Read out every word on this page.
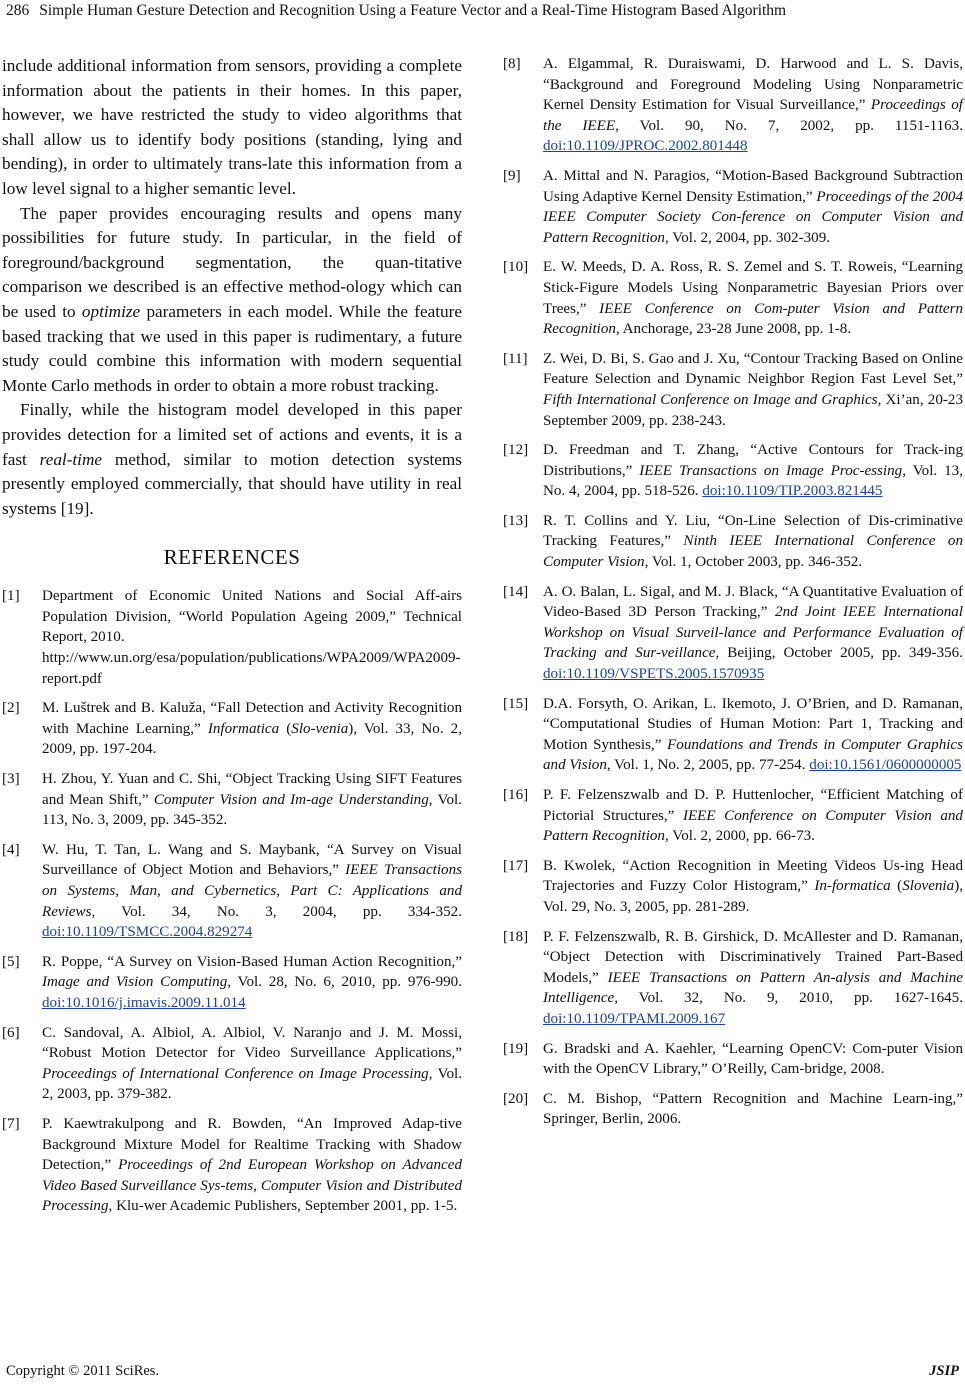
286 Simple Human Gesture Detection and Recognition Using a Feature Vector and a Real-Time Histogram Based Algorithm

include additional information from sensors, providing a complete information about the patients in their homes. In this paper, however, we have restricted the study to video algorithms that shall allow us to identify body positions (standing, lying and bending), in order to ultimately trans-late this information from a low level signal to a higher semantic level.

The paper provides encouraging results and opens many possibilities for future study. In particular, in the field of foreground/background segmentation, the quan-titative comparison we described is an effective method-ology which can be used to optimize parameters in each model. While the feature based tracking that we used in this paper is rudimentary, a future study could combine this information with modern sequential Monte Carlo methods in order to obtain a more robust tracking.

Finally, while the histogram model developed in this paper provides detection for a limited set of actions and events, it is a fast real-time method, similar to motion detection systems presently employed commercially, that should have utility in real systems [19].

REFERENCES
[1]	Department of Economic United Nations and Social Aff-airs Population Division, “World Population Ageing 2009,” Technical Report, 2010.
http://www.un.org/esa/population/publications/WPA2009/WPA2009-report.pdf
[2]	M. Luštrek and B. Kaluža, “Fall Detection and Activity Recognition with Machine Learning,” Informatica (Slo-venia), Vol. 33, No. 2, 2009, pp. 197-204.
[3]	H. Zhou, Y. Yuan and C. Shi, “Object Tracking Using SIFT Features and Mean Shift,” Computer Vision and Im-age Understanding, Vol. 113, No. 3, 2009, pp. 345-352.
[4]	W. Hu, T. Tan, L. Wang and S. Maybank, “A Survey on Visual Surveillance of Object Motion and Behaviors,” IEEE Transactions on Systems, Man, and Cybernetics, Part C: Applications and Reviews, Vol. 34, No. 3, 2004, pp. 334-352. doi:10.1109/TSMCC.2004.829274
[5]	R. Poppe, “A Survey on Vision-Based Human Action Recognition,” Image and Vision Computing, Vol. 28, No. 6, 2010, pp. 976-990. doi:10.1016/j.imavis.2009.11.014
[6]	C. Sandoval, A. Albiol, A. Albiol, V. Naranjo and J. M. Mossi, “Robust Motion Detector for Video Surveillance Applications,” Proceedings of International Conference on Image Processing, Vol. 2, 2003, pp. 379-382.
[7]	P. Kaewtrakulpong and R. Bowden, “An Improved Adap-tive Background Mixture Model for Realtime Tracking with Shadow Detection,” Proceedings of 2nd European Workshop on Advanced Video Based Surveillance Sys-tems, Computer Vision and Distributed Processing, Klu-wer Academic Publishers, September 2001, pp. 1-5.
[8]	A. Elgammal, R. Duraiswami, D. Harwood and L. S. Davis, “Background and Foreground Modeling Using Nonparametric Kernel Density Estimation for Visual Surveillance,” Proceedings of the IEEE, Vol. 90, No. 7, 2002, pp. 1151-1163. doi:10.1109/JPROC.2002.801448
[9]	A. Mittal and N. Paragios, “Motion-Based Background Subtraction Using Adaptive Kernel Density Estimation,” Proceedings of the 2004 IEEE Computer Society Con-ference on Computer Vision and Pattern Recognition, Vol. 2, 2004, pp. 302-309.
[10] E. W. Meeds, D. A. Ross, R. S. Zemel and S. T. Roweis, “Learning Stick-Figure Models Using Nonparametric Bayesian Priors over Trees,” IEEE Conference on Com-puter Vision and Pattern Recognition, Anchorage, 23-28 June 2008, pp. 1-8.
[11]	Z. Wei, D. Bi, S. Gao and J. Xu, “Contour Tracking Based on Online Feature Selection and Dynamic Neighbor Region Fast Level Set,” Fifth International Conference on Image and Graphics, Xi’an, 20-23 September 2009, pp. 238-243.
[12] D. Freedman and T. Zhang, “Active Contours for Track-ing Distributions,” IEEE Transactions on Image Proc-essing, Vol. 13, No. 4, 2004, pp. 518-526. doi:10.1109/TIP.2003.821445
[13] R. T. Collins and Y. Liu, “On-Line Selection of Dis-criminative Tracking Features,” Ninth IEEE International Conference on Computer Vision, Vol. 1, October 2003, pp. 346-352.
[14] A. O. Balan, L. Sigal, and M. J. Black, “A Quantitative Evaluation of Video-Based 3D Person Tracking,” 2nd Joint IEEE International Workshop on Visual Surveil-lance and Performance Evaluation of Tracking and Sur-veillance, Beijing, October 2005, pp. 349-356. doi:10.1109/VSPETS.2005.1570935
[15] D.A. Forsyth, O. Arikan, L. Ikemoto, J. O’Brien, and D. Ramanan, “Computational Studies of Human Motion: Part 1, Tracking and Motion Synthesis,” Foundations and Trends in Computer Graphics and Vision, Vol. 1, No. 2, 2005, pp. 77-254. doi:10.1561/0600000005
[16] P. F. Felzenszwalb and D. P. Huttenlocher, “Efficient Matching of Pictorial Structures,” IEEE Conference on Computer Vision and Pattern Recognition, Vol. 2, 2000, pp. 66-73.
[17] B. Kwolek, “Action Recognition in Meeting Videos Us-ing Head Trajectories and Fuzzy Color Histogram,” In-formatica (Slovenia), Vol. 29, No. 3, 2005, pp. 281-289.
[18] P. F. Felzenszwalb, R. B. Girshick, D. McAllester and D. Ramanan, “Object Detection with Discriminatively Trained Part-Based Models,” IEEE Transactions on Pattern An-alysis and Machine Intelligence, Vol. 32, No. 9, 2010, pp. 1627-1645. doi:10.1109/TPAMI.2009.167
[19] G. Bradski and A. Kaehler, “Learning OpenCV: Com-puter Vision with the OpenCV Library,” O’Reilly, Cam-bridge, 2008.
[20] C. M. Bishop, “Pattern Recognition and Machine Learn-ing,” Springer, Berlin, 2006.
Copyright © 2011 SciRes.	JSIP
